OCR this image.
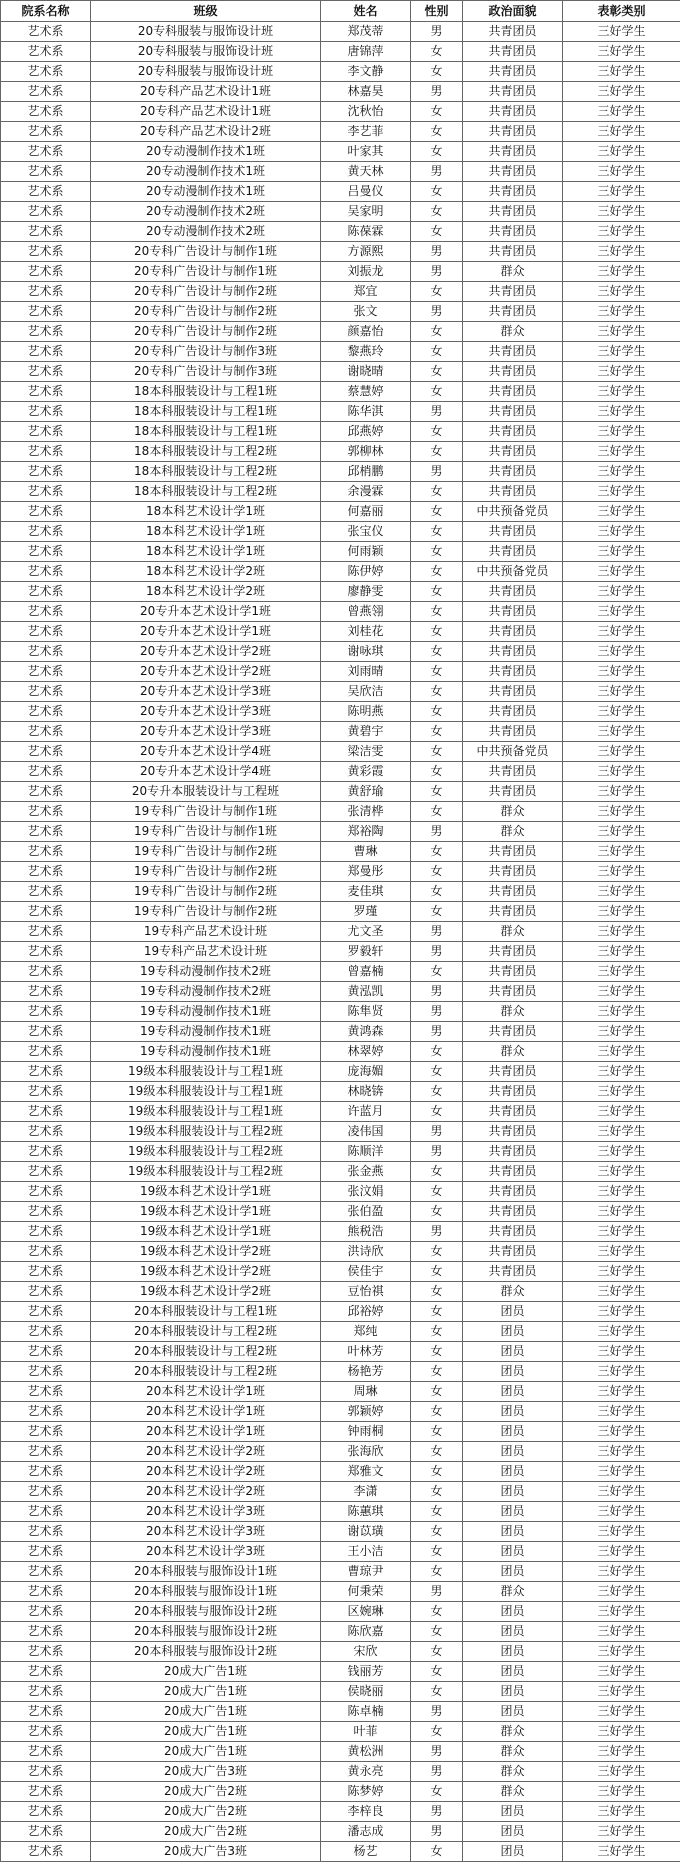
院系名称	班级	姓名	性别	政治面貌	表彰类别
艺术系	20专科服装与服饰设计班	郑茂蒂	男	共青团员	三好学生
艺术系	20专科服装与服饰设计班	唐锦萍	女	共青团员	三好学生
艺术系	20专科服装与服饰设计班	李文静	女	共青团员	三好学生
艺术系	20专科产品艺术设计1班	林嘉昊	男	共青团员	三好学生
艺术系	20专科产品艺术设计1班	沈秋怡	女	共青团员	三好学生
艺术系	20专科产品艺术设计2班	李艺菲	女	共青团员	三好学生
艺术系	20专动漫制作技术1班	叶家其	女	共青团员	三好学生
艺术系	20专动漫制作技术1班	黄天林	男	共青团员	三好学生
艺术系	20专动漫制作技术1班	吕曼仪	女	共青团员	三好学生
艺术系	20专动漫制作技术2班	吴家明	女	共青团员	三好学生
艺术系	20专动漫制作技术2班	陈葆霖	女	共青团员	三好学生
艺术系	20专科广告设计与制作1班	方源熙	男	共青团员	三好学生
艺术系	20专科广告设计与制作1班	刘振龙	男	群众	三好学生
艺术系	20专科广告设计与制作2班	郑宜	女	共青团员	三好学生
艺术系	20专科广告设计与制作2班	张文	男	共青团员	三好学生
艺术系	20专科广告设计与制作2班	颜嘉怡	女	群众	三好学生
艺术系	20专科广告设计与制作3班	黎燕玲	女	共青团员	三好学生
艺术系	20专科广告设计与制作3班	谢晓晴	女	共青团员	三好学生
艺术系	18本科服装设计与工程1班	蔡慧婷	女	共青团员	三好学生
艺术系	18本科服装设计与工程1班	陈华淇	男	共青团员	三好学生
艺术系	18本科服装设计与工程1班	邱燕婷	女	共青团员	三好学生
艺术系	18本科服装设计与工程2班	郭柳林	女	共青团员	三好学生
艺术系	18本科服装设计与工程2班	邱梢鹏	男	共青团员	三好学生
艺术系	18本科服装设计与工程2班	余漫霖	女	共青团员	三好学生
艺术系	18本科艺术设计学1班	何嘉丽	女	中共预备党员	三好学生
艺术系	18本科艺术设计学1班	张宝仪	女	共青团员	三好学生
艺术系	18本科艺术设计学1班	何雨颖	女	共青团员	三好学生
艺术系	18本科艺术设计学2班	陈伊婷	女	中共预备党员	三好学生
艺术系	18本科艺术设计学2班	廖静雯	女	共青团员	三好学生
艺术系	20专升本艺术设计学1班	曾燕翎	女	共青团员	三好学生
艺术系	20专升本艺术设计学1班	刘桂花	女	共青团员	三好学生
艺术系	20专升本艺术设计学2班	谢咏琪	女	共青团员	三好学生
艺术系	20专升本艺术设计学2班	刘雨晴	女	共青团员	三好学生
艺术系	20专升本艺术设计学3班	吴欣洁	女	共青团员	三好学生
艺术系	20专升本艺术设计学3班	陈明燕	女	共青团员	三好学生
艺术系	20专升本艺术设计学3班	黄碧宇	女	共青团员	三好学生
艺术系	20专升本艺术设计学4班	梁洁雯	女	中共预备党员	三好学生
艺术系	20专升本艺术设计学4班	黄彩霞	女	共青团员	三好学生
艺术系	20专升本服装设计与工程班	黄舒瑜	女	共青团员	三好学生
艺术系	19专科广告设计与制作1班	张清桦	女	群众	三好学生
艺术系	19专科广告设计与制作1班	郑裕陶	男	群众	三好学生
艺术系	19专科广告设计与制作2班	曹琳	女	共青团员	三好学生
艺术系	19专科广告设计与制作2班	郑曼彤	女	共青团员	三好学生
艺术系	19专科广告设计与制作2班	麦佳琪	女	共青团员	三好学生
艺术系	19专科广告设计与制作2班	罗瑾	女	共青团员	三好学生
艺术系	19专科产品艺术设计班	尤文圣	男	群众	三好学生
艺术系	19专科产品艺术设计班	罗毅轩	男	共青团员	三好学生
艺术系	19专科动漫制作技术2班	曾嘉楠	女	共青团员	三好学生
艺术系	19专科动漫制作技术2班	黄泓凯	男	共青团员	三好学生
艺术系	19专科动漫制作技术1班	陈隼贤	男	群众	三好学生
艺术系	19专科动漫制作技术1班	黄鸿森	男	共青团员	三好学生
艺术系	19专科动漫制作技术1班	林翠婷	女	群众	三好学生
艺术系	19级本科服装设计与工程1班	庞海媚	女	共青团员	三好学生
艺术系	19级本科服装设计与工程1班	林晓锛	女	共青团员	三好学生
艺术系	19级本科服装设计与工程1班	许蓝月	女	共青团员	三好学生
艺术系	19级本科服装设计与工程2班	凌伟国	男	共青团员	三好学生
艺术系	19级本科服装设计与工程2班	陈顺洋	男	共青团员	三好学生
艺术系	19级本科服装设计与工程2班	张金燕	女	共青团员	三好学生
艺术系	19级本科艺术设计学1班	张汶娟	女	共青团员	三好学生
艺术系	19级本科艺术设计学1班	张伯盈	女	共青团员	三好学生
艺术系	19级本科艺术设计学1班	熊税浩	男	共青团员	三好学生
艺术系	19级本科艺术设计学2班	洪诗欣	女	共青团员	三好学生
艺术系	19级本科艺术设计学2班	侯佳宇	女	共青团员	三好学生
艺术系	19级本科艺术设计学2班	豆怡祺	女	群众	三好学生
艺术系	20本科服装设计与工程1班	邱裕婷	女	团员	三好学生
艺术系	20本科服装设计与工程2班	郑纯	女	团员	三好学生
艺术系	20本科服装设计与工程2班	叶林芳	女	团员	三好学生
艺术系	20本科服装设计与工程2班	杨艳芳	女	团员	三好学生
艺术系	20本科艺术设计学1班	周琳	女	团员	三好学生
艺术系	20本科艺术设计学1班	郭颖婷	女	团员	三好学生
艺术系	20本科艺术设计学1班	钟雨桐	女	团员	三好学生
艺术系	20本科艺术设计学2班	张海欣	女	团员	三好学生
艺术系	20本科艺术设计学2班	郑雅文	女	团员	三好学生
艺术系	20本科艺术设计学2班	李潇	女	团员	三好学生
艺术系	20本科艺术设计学3班	陈蕙琪	女	团员	三好学生
艺术系	20本科艺术设计学3班	谢苡璜	女	团员	三好学生
艺术系	20本科艺术设计学3班	王小洁	女	团员	三好学生
艺术系	20本科服装与服饰设计1班	曹琼尹	女	团员	三好学生
艺术系	20本科服装与服饰设计1班	何秉荣	男	群众	三好学生
艺术系	20本科服装与服饰设计2班	区婉琳	女	团员	三好学生
艺术系	20本科服装与服饰设计2班	陈欣嘉	女	团员	三好学生
艺术系	20本科服装与服饰设计2班	宋欣	女	团员	三好学生
艺术系	20成大广告1班	钱丽芳	女	团员	三好学生
艺术系	20成大广告1班	侯晓丽	女	团员	三好学生
艺术系	20成大广告1班	陈卓楠	男	团员	三好学生
艺术系	20成大广告1班	叶菲	女	群众	三好学生
艺术系	20成大广告1班	黄松洲	男	群众	三好学生
艺术系	20成大广告3班	黄永亮	男	群众	三好学生
艺术系	20成大广告2班	陈梦婷	女	群众	三好学生
艺术系	20成大广告2班	李梓良	男	团员	三好学生
艺术系	20成大广告2班	潘志成	男	团员	三好学生
艺术系	20成大广告3班	杨艺	女	团员	三好学生
